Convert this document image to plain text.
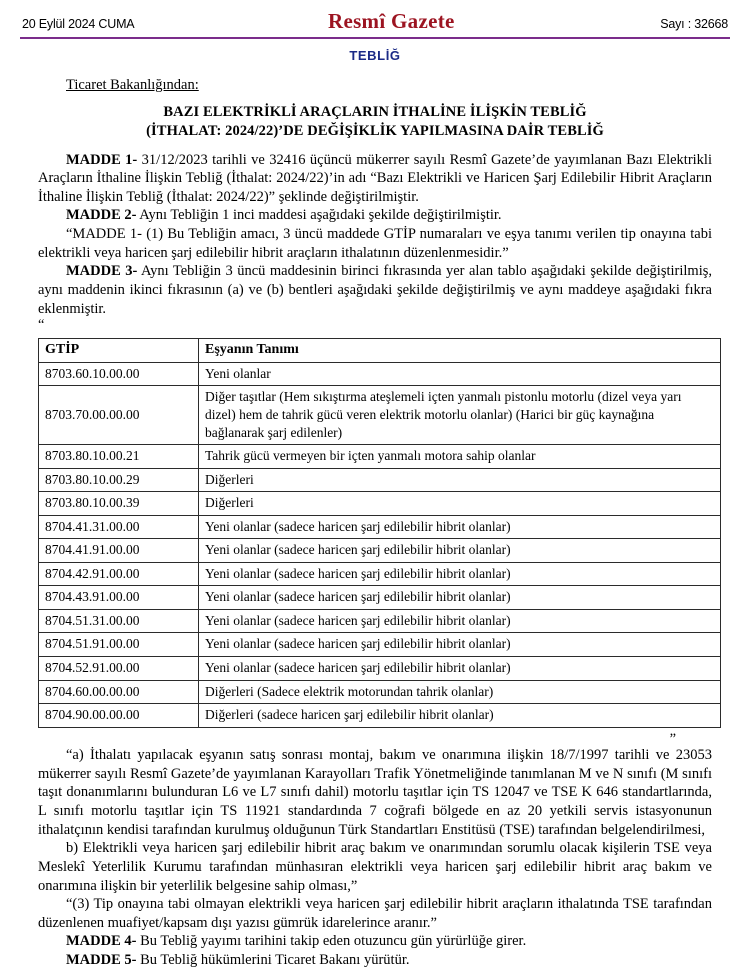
20 Eylül 2024 CUMA	Resmî Gazete	Sayı : 32668
TEBLİĞ
Ticaret Bakanlığından:
BAZI ELEKTRİKLİ ARAÇLARIN İTHALİNE İLİŞKİN TEBLİĞ
(İTHALAT: 2024/22)’DE DEĞİŞİKLİK YAPILMASINA DAİR TEBLİĞ

MADDE 1- 31/12/2023 tarihli ve 32416 üçüncü mükerrer sayılı Resmî Gazete’de yayımlanan Bazı Elektrikli Araçların İthaline İlişkin Tebliğ (İthalat: 2024/22)’in adı “Bazı Elektrikli ve Haricen Şarj Edilebilir Hibrit Araçların İthaline İlişkin Tebliğ (İthalat: 2024/22)” şeklinde değiştirilmiştir.

MADDE 2- Aynı Tebliğin 1 inci maddesi aşağıdaki şekilde değiştirilmiştir.

“MADDE 1- (1) Bu Tebliğin amacı, 3 üncü maddede GTİP numaraları ve eşya tanımı verilen tip onayına tabi elektrikli veya haricen şarj edilebilir hibrit araçların ithalatının düzenlenmesidir.”

MADDE 3- Aynı Tebliğin 3 üncü maddesinin birinci fıkrasında yer alan tablo aşağıdaki şekilde değiştirilmiş, aynı maddenin ikinci fıkrasının (a) ve (b) bentleri aşağıdaki şekilde değiştirilmiş ve aynı maddeye aşağıdaki fıkra eklenmiştir.

“
GTİP	Eşyanın Tanımı
8703.60.10.00.00	Yeni olanlar
8703.70.00.00.00	Diğer taşıtlar (Hem sıkıştırma ateşlemeli içten yanmalı pistonlu motorlu (dizel veya yarı dizel) hem de tahrik gücü veren elektrik motorlu olanlar) (Harici bir güç kaynağına bağlanarak şarj edilenler)
8703.80.10.00.21	Tahrik gücü vermeyen bir içten yanmalı motora sahip olanlar
8703.80.10.00.29	Diğerleri
8703.80.10.00.39	Diğerleri
8704.41.31.00.00	Yeni olanlar (sadece haricen şarj edilebilir hibrit olanlar)
8704.41.91.00.00	Yeni olanlar (sadece haricen şarj edilebilir hibrit olanlar)
8704.42.91.00.00	Yeni olanlar (sadece haricen şarj edilebilir hibrit olanlar)
8704.43.91.00.00	Yeni olanlar (sadece haricen şarj edilebilir hibrit olanlar)
8704.51.31.00.00	Yeni olanlar (sadece haricen şarj edilebilir hibrit olanlar)
8704.51.91.00.00	Yeni olanlar (sadece haricen şarj edilebilir hibrit olanlar)
8704.52.91.00.00	Yeni olanlar (sadece haricen şarj edilebilir hibrit olanlar)
8704.60.00.00.00	Diğerleri (Sadece elektrik motorundan tahrik olanlar)
8704.90.00.00.00	Diğerleri (sadece haricen şarj edilebilir hibrit olanlar)
”

“a) İthalatı yapılacak eşyanın satış sonrası montaj, bakım ve onarımına ilişkin 18/7/1997 tarihli ve 23053 mükerrer sayılı Resmî Gazete’de yayımlanan Karayolları Trafik Yönetmeliğinde tanımlanan M ve N sınıfı (M sınıfı taşıt donanımlarını bulunduran L6 ve L7 sınıfı dahil) motorlu taşıtlar için TS 12047 ve TSE K 646 standartlarında, L sınıfı motorlu taşıtlar için TS 11921 standardında 7 coğrafi bölgede en az 20 yetkili servis istasyonunun ithalatçının kendisi tarafından kurulmuş olduğunun Türk Standartları Enstitüsü (TSE) tarafından belgelendirilmesi,

b) Elektrikli veya haricen şarj edilebilir hibrit araç bakım ve onarımından sorumlu olacak kişilerin TSE veya Meslekî Yeterlilik Kurumu tarafından münhasıran elektrikli veya haricen şarj edilebilir hibrit araç bakım ve onarımına ilişkin bir yeterlilik belgesine sahip olması,”

“(3) Tip onayına tabi olmayan elektrikli veya haricen şarj edilebilir hibrit araçların ithalatında TSE tarafından düzenlenen muafiyet/kapsam dışı yazısı gümrük idarelerince aranır.”

MADDE 4- Bu Tebliğ yayımı tarihini takip eden otuzuncu gün yürürlüğe girer.

MADDE 5- Bu Tebliğ hükümlerini Ticaret Bakanı yürütür.
